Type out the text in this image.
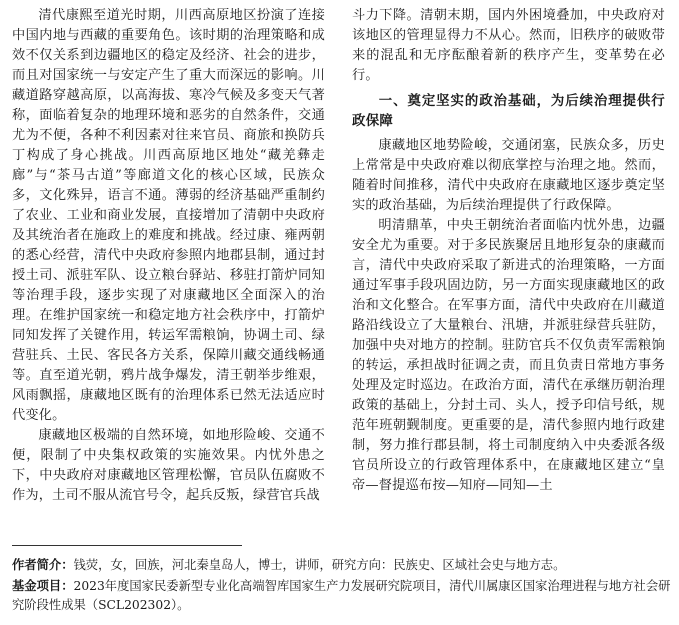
清代康熙至道光时期，川西高原地区扮演了连接中国内地与西藏的重要角色。该时期的治理策略和成效不仅关系到边疆地区的稳定及经济、社会的进步，而且对国家统一与安定产生了重大而深远的影响。川藏道路穿越高原，以高海拔、寒冷气候及多变天气著称，面临着复杂的地理环境和恶劣的自然条件，交通尤为不便，各种不利因素对往来官员、商旅和换防兵丁构成了身心挑战。川西高原地区地处“藏羌彝走廊”与“茶马古道”等廊道文化的核心区域，民族众多，文化殊异，语言不通。薄弱的经济基础严重制约了农业、工业和商业发展，直接增加了清朝中央政府及其统治者在施政上的难度和挑战。经过康、雍两朝的悉心经营，清代中央政府参照内地郡县制，通过封授土司、派驻军队、设立粮台驿站、移驻打箭炉同知等治理手段，逐步实现了对康藏地区全面深入的治理。在维护国家统一和稳定地方社会秩序中，打箭炉同知发挥了关键作用，转运军需粮饷，协调土司、绿营驻兵、土民、客民各方关系，保障川藏交通线畅通等。直至道光朝，鸦片战争爆发，清王朝举步维艰，风雨飘摇，康藏地区既有的治理体系已然无法适应时代变化。

康藏地区极端的自然环境，如地形险峻、交通不便，限制了中央集权政策的实施效果。内忧外患之下，中央政府对康藏地区管理松懈，官员队伍腐败不作为，土司不服从流官号令，起兵反叛，绿营官兵战

斗力下降。清朝末期，国内外困境叠加，中央政府对该地区的管理显得力不从心。然而，旧秩序的破败带来的混乱和无序酝酿着新的秩序产生，变革势在必行。

一、奠定坚实的政治基础，为后续治理提供行政保障

康藏地区地势险峻，交通闭塞，民族众多，历史上常常是中央政府难以彻底掌控与治理之地。然而，随着时间推移，清代中央政府在康藏地区逐步奠定坚实的政治基础，为后续治理提供了行政保障。

明清鼎革，中央王朝统治者面临内忧外患，边疆安全尤为重要。对于多民族聚居且地形复杂的康藏而言，清代中央政府采取了新进式的治理策略，一方面通过军事手段巩固边防，另一方面实现康藏地区的政治和文化整合。在军事方面，清代中央政府在川藏道路沿线设立了大量粮台、汛塘，并派驻绿营兵驻防，加强中央对地方的控制。驻防官兵不仅负责军需粮饷的转运，承担战时征调之责，而且负责日常地方事务处理及定时巡边。在政治方面，清代在承继历朝治理政策的基础上，分封土司、头人，授予印信号纸，规范年班朝觐制度。更重要的是，清代参照内地行政建制，努力推行郡县制，将土司制度纳入中央委派各级官员所设立的行政管理体系中，在康藏地区建立“皇帝—督提巡布按—知府—同知—土

作者简介：钱荧，女，回族，河北秦皇岛人，博士，讲师，研究方向：民族史、区域社会史与地方志。
基金项目：2023年度国家民委新型专业化高端智库国家生产力发展研究院项目，清代川属康区国家治理进程与地方社会研究阶段性成果（SCL202302）。
